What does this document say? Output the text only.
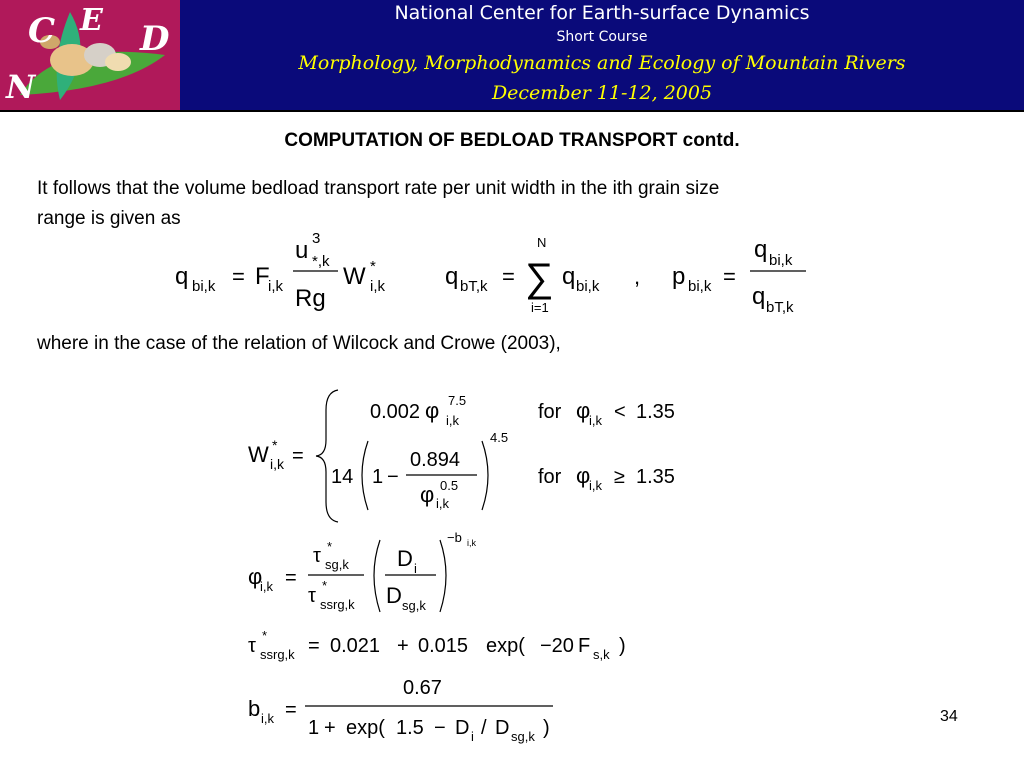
C E D
N
National Center for Earth-surface Dynamics
Short Course
Morphology, Morphodynamics and Ecology of Mountain Rivers
December 11-12, 2005
COMPUTATION OF BEDLOAD TRANSPORT contd.
It follows that the volume bedload transport rate per unit width in the ith grain size
range is given as
where in the case of the relation of Wilcock and Crowe (2003),
q bi,k = F
i,k
u 3
*,k
Rg
W *
i,k	q bT,k =
N
∑
i=1
q bi,k , p bi,k =
q bi,k
q bT,k
W *
i,k =
0.002 φ 7.5
i,k	for φ
i,k < 1.35
14 1 −
0.894
φ 0.5
i,k
4.5
for φ
i,k ≥ 1.35
φ
i,k =
τ *
sg,k
τ *
ssrg,k
D i
D sg,k
−b i,k
τ *
ssrg,k = 0.021 + 0.015 exp( −20 F s,k )
b i,k =
0.67
1 + exp( 1.5 − D i / D sg,k )
34
